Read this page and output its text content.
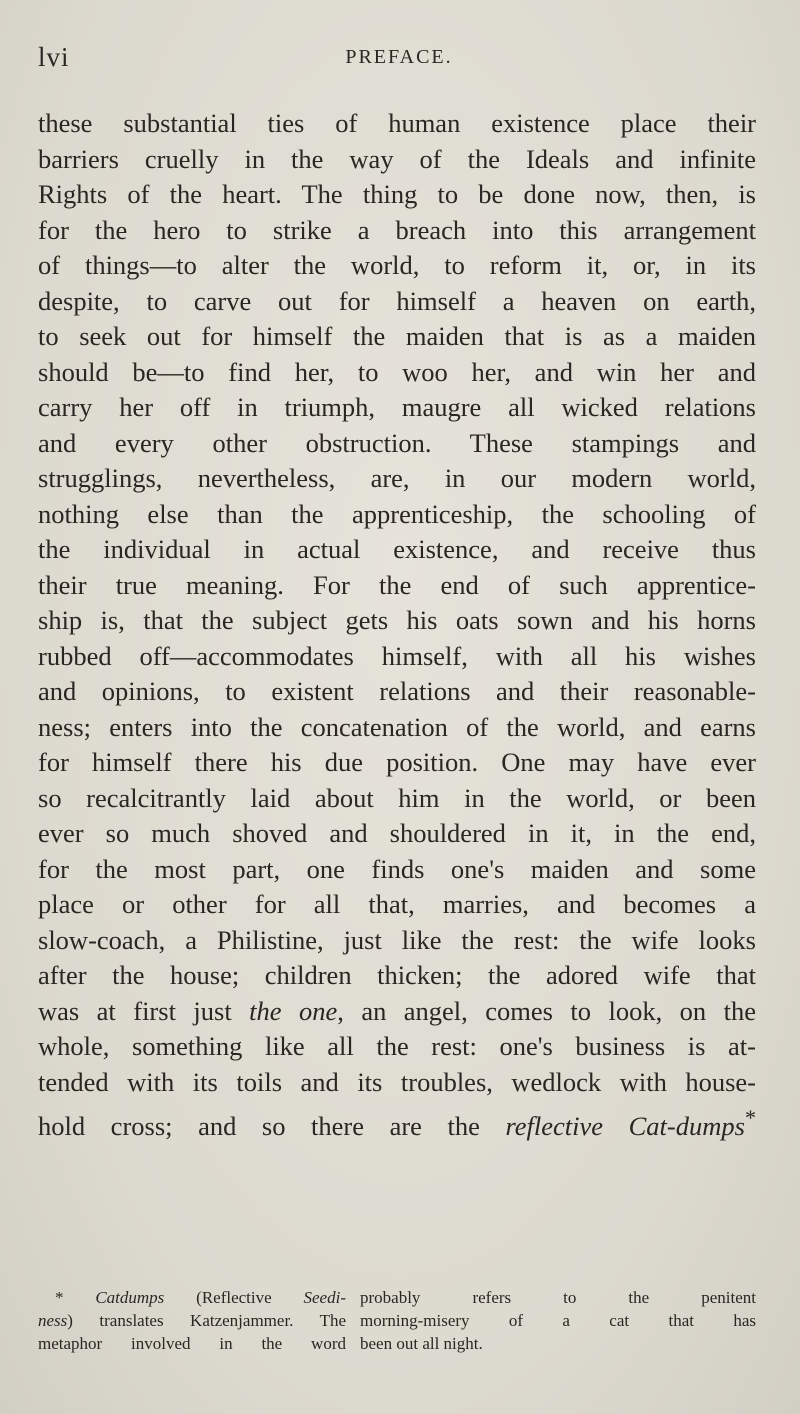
lvi	PREFACE.
these substantial ties of human existence place their
barriers cruelly in the way of the Ideals and infinite
Rights of the heart. The thing to be done now, then, is
for the hero to strike a breach into this arrangement
of things—to alter the world, to reform it, or, in its
despite, to carve out for himself a heaven on earth,
to seek out for himself the maiden that is as a maiden
should be—to find her, to woo her, and win her and
carry her off in triumph, maugre all wicked relations
and every other obstruction. These stampings and
strugglings, nevertheless, are, in our modern world,
nothing else than the apprenticeship, the schooling of
the individual in actual existence, and receive thus
their true meaning. For the end of such apprentice-
ship is, that the subject gets his oats sown and his horns
rubbed off—accommodates himself, with all his wishes
and opinions, to existent relations and their reasonable-
ness; enters into the concatenation of the world, and earns
for himself there his due position. One may have ever
so recalcitrantly laid about him in the world, or been
ever so much shoved and shouldered in it, in the end,
for the most part, one finds one's maiden and some
place or other for all that, marries, and becomes a
slow-coach, a Philistine, just like the rest: the wife looks
after the house; children thicken; the adored wife that
was at first just the one, an angel, comes to look, on the
whole, something like all the rest: one's business is at-
tended with its toils and its troubles, wedlock with house-
hold cross; and so there are the reflective Cat-dumps*
 * Catdumps (Reflective Seedi- probably refers to the penitent
ness) translates Katzenjammer. The morning-misery of a cat that has
metaphor involved in the word been out all night.
